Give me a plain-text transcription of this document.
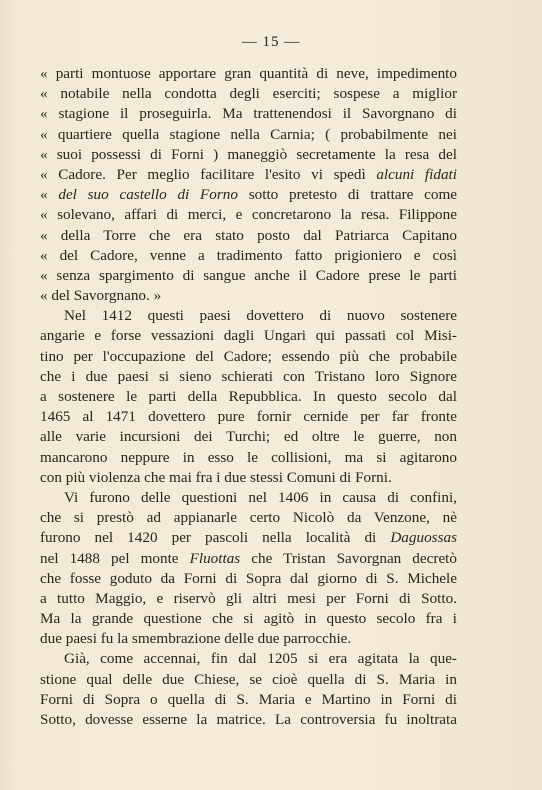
— 15 —
« parti montuose apportare gran quantità di neve, impedimento
« notabile nella condotta degli eserciti; sospese a miglior
« stagione il proseguirla. Ma trattenendosi il Savorgnano di
« quartiere quella stagione nella Carnia; ( probabilmente nei
« suoi possessi di Forni ) maneggiò secretamente la resa del
« Cadore. Per meglio facilitare l'esito vi spedì alcuni fidati
« del suo castello di Forno sotto pretesto di trattare come
« solevano, affari di merci, e concretarono la resa. Filippone
« della Torre che era stato posto dal Patriarca Capitano
« del Cadore, venne a tradimento fatto prigioniero e così
« senza spargimento di sangue anche il Cadore prese le parti
« del Savorgnano. »
Nel 1412 questi paesi dovettero di nuovo sostenere
angarie e forse vessazioni dagli Ungari qui passati col Misi-
tino per l'occupazione del Cadore; essendo più che probabile
che i due paesi si sieno schierati con Tristano loro Signore
a sostenere le parti della Repubblica. In questo secolo dal
1465 al 1471 dovettero pure fornir cernide per far fronte
alle varie incursioni dei Turchi; ed oltre le guerre, non
mancarono neppure in esso le collisioni, ma si agitarono
con più violenza che mai fra i due stessi Comuni di Forni.
Vi furono delle questioni nel 1406 in causa di confini,
che si prestò ad appianarle certo Nicolò da Venzone, nè
furono nel 1420 per pascoli nella località di Daguossas
nel 1488 pel monte Fluottas che Tristan Savorgnan decretò
che fosse goduto da Forni di Sopra dal giorno di S. Michele
a tutto Maggio, e riservò gli altri mesi per Forni di Sotto.
Ma la grande questione che si agitò in questo secolo fra i
due paesi fu la smembrazione delle due parrocchie.
Già, come accennai, fin dal 1205 si era agitata la que-
stione qual delle due Chiese, se cioè quella di S. Maria in
Forni di Sopra o quella di S. Maria e Martino in Forni di
Sotto, dovesse esserne la matrice. La controversia fu inoltrata
